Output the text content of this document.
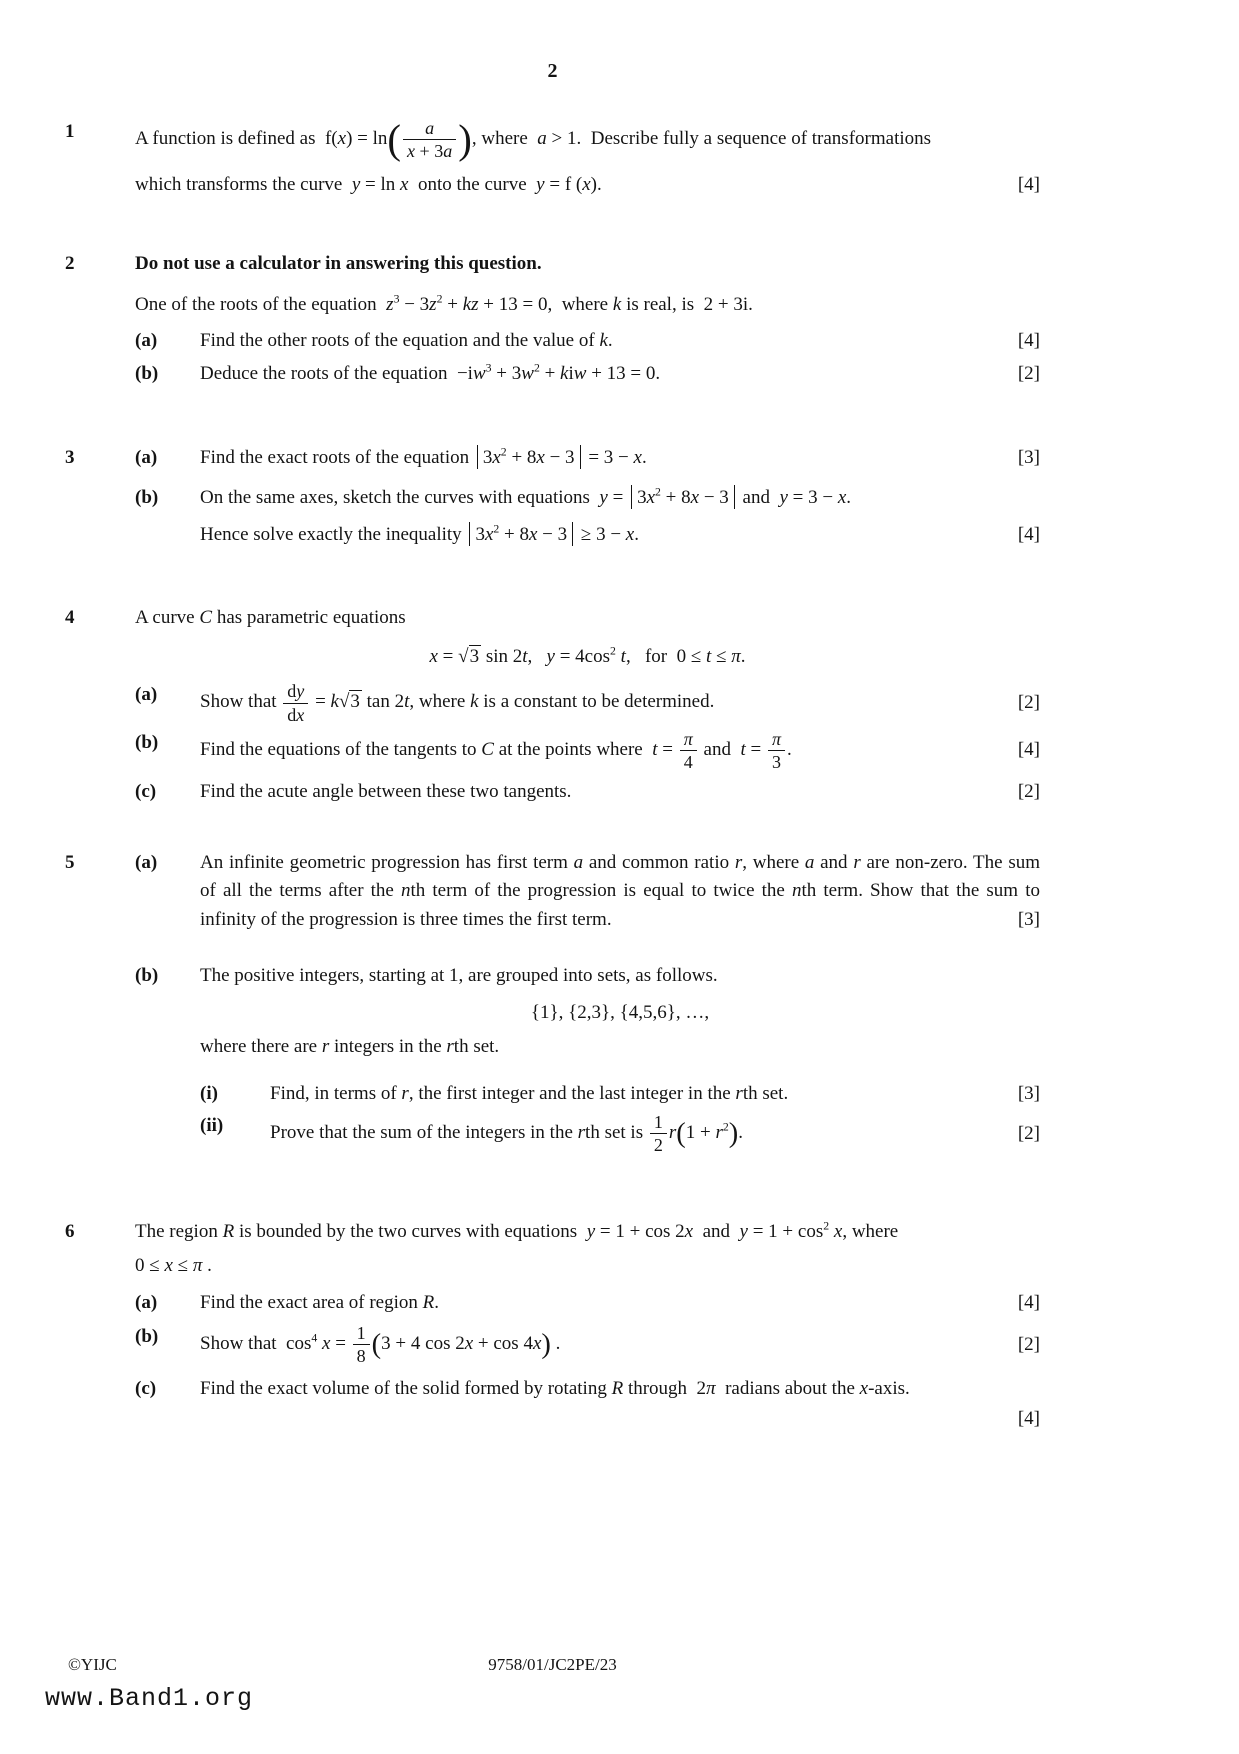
2
1	A function is defined as  $f(x) = \ln( \frac{a}{x + 3a}$ ), where  a > 1.  Describe fully a sequence of transformations
which transforms the curve  y = ln x  onto the curve  y = f (x).	[4]
2	Do not use a calculator in answering this question.
One of the roots of the equation  $z^3 - 3z^2$ + kz + 13 = 0,  where k is real, is  2 + 3i.
(a)	Find the other roots of the equation and the value of k.	[4]
(b)	Deduce the roots of the equation  $-iw^3 + 3w^2$ + kiw + 13 = 0.	[2]
3	(a)	Find the exact roots of the equation $3x^2 + 8x - 3 = 3 - x$.	[3]
(b)	On the same axes, sketch the curves with equations  $y = 3x^2 + 8x - 3$ and  y = 3 − x.
Hence solve exactly the inequality $3x^2 + 8x - 3 \ge 3 - x$.	[4]
4	A curve C has parametric equations
x = √3 sin 2t,   $y = 4\cos^2$ t,   for  0 ≤ t ≤ π.
(a)	Show that $\frac{dy}{dx} = k√3$ tan 2t, where k is a constant to be determined.	[2]
(b)	Find the equations of the tangents to C at the points where  $t = \frac{\pi}{4}$ and  $t = \frac{\pi}{3}$ .	[4]
(c)	Find the acute angle between these two tangents.	[2]
5	(a)	An infinite geometric progression has first term a and common ratio r, where a and r are non-zero. The sum of all the terms after the nth term of the progression is equal to twice the nth term. Show that the sum to infinity of the progression is three times the first term.	[3]
(b)	The positive integers, starting at 1, are grouped into sets, as follows.
{1}, {2,3}, {4,5,6}, …,
where there are r integers in the rth set.
(i)	Find, in terms of r, the first integer and the last integer in the rth set.	[3]
(ii)	Prove that the sum of the integers in the rth set is $\frac{1}{2} r(1 + r^2)$.	[2]
6	The region R is bounded by the two curves with equations  y = 1 + cos 2x  and  $y = 1 + \cos^2 x$, where
0 ≤ x ≤ π .
(a)	Find the exact area of region R.	[4]
(b)	Show that  $\cos^4 x = \frac{1}{8} (3 + 4$ cos 2x + cos 4x) .	[2]
(c)	Find the exact volume of the solid formed by rotating R through  2π  radians about the x-axis.
[4]
©YIJC	9758/01/JC2PE/23
www.Band1.org
